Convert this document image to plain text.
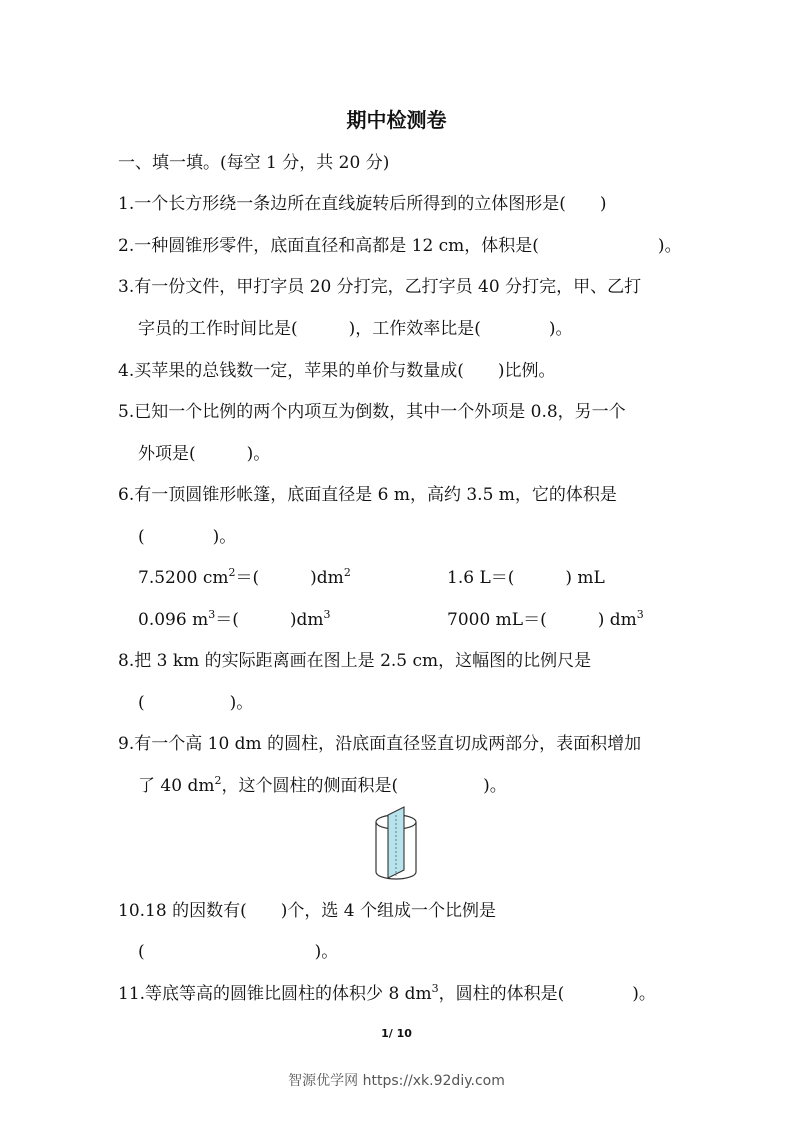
期中检测卷
一、填一填。(每空 1 分，共 20 分)
1.一个长方形绕一条边所在直线旋转后所得到的立体图形是(　　)
2.一种圆锥形零件，底面直径和高都是 12 cm，体积是(　　　　　　　)。
3.有一份文件，甲打字员 20 分打完，乙打字员 40 分打完，甲、乙打
字员的工作时间比是(　　　)，工作效率比是(　　　　)。
4.买苹果的总钱数一定，苹果的单价与数量成(　　)比例。
5.已知一个比例的两个内项互为倒数，其中一个外项是 0.8，另一个
外项是(　　　)。
6.有一顶圆锥形帐篷，底面直径是 6 m，高约 3.5 m，它的体积是
(　　　　)。
7.5200 $cm^2=$(　　　)$dm^2$	1.6 L＝(　　　) mL
0.096 $m^3=$(　　　)$dm^3$	7000 mL＝(　　　) $dm^3$
8.把 3 km 的实际距离画在图上是 2.5 cm，这幅图的比例尺是
(　　　　　)。
9.有一个高 10 dm 的圆柱，沿底面直径竖直切成两部分，表面积增加
了 40 $dm^2$，这个圆柱的侧面积是(　　　　　)。
10.18 的因数有(　　)个，选 4 个组成一个比例是
(　　　　　　　　　　)。
11.等底等高的圆锥比圆柱的体积少 8 $dm^3$，圆柱的体积是(　　　　)。
1/ 10
智源优学网 https://xk.92diy.com
